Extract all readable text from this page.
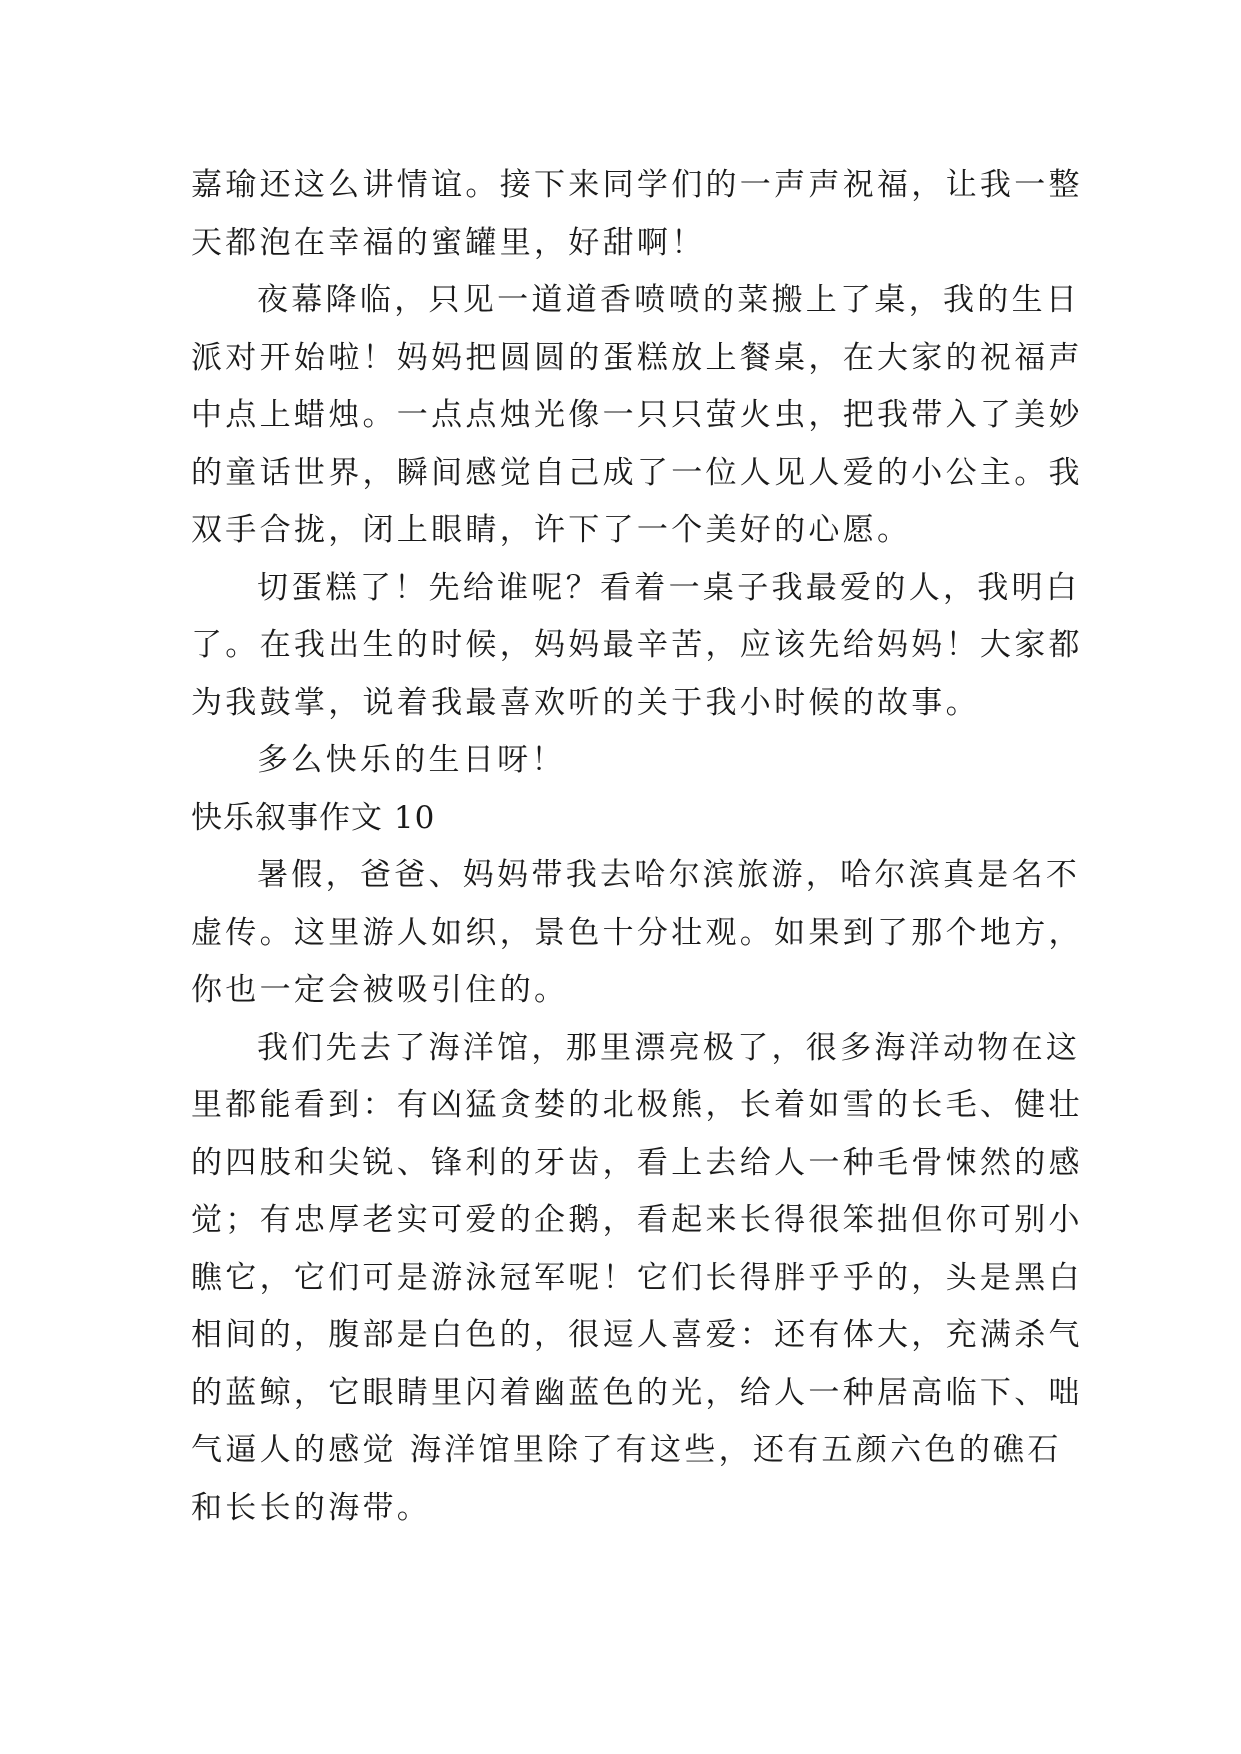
嘉瑜还这么讲情谊。接下来同学们的一声声祝福，让我一整
天都泡在幸福的蜜罐里，好甜啊！
夜幕降临，只见一道道香喷喷的菜搬上了桌，我的生日
派对开始啦！妈妈把圆圆的蛋糕放上餐桌，在大家的祝福声
中点上蜡烛。一点点烛光像一只只萤火虫，把我带入了美妙
的童话世界，瞬间感觉自己成了一位人见人爱的小公主。我
双手合拢，闭上眼睛，许下了一个美好的心愿。
切蛋糕了！先给谁呢？看着一桌子我最爱的人，我明白
了。在我出生的时候，妈妈最辛苦，应该先给妈妈！大家都
为我鼓掌，说着我最喜欢听的关于我小时候的故事。
多么快乐的生日呀！
快乐叙事作文 10
暑假，爸爸、妈妈带我去哈尔滨旅游，哈尔滨真是名不
虚传。这里游人如织，景色十分壮观。如果到了那个地方，
你也一定会被吸引住的。
我们先去了海洋馆，那里漂亮极了，很多海洋动物在这
里都能看到：有凶猛贪婪的北极熊，长着如雪的长毛、健壮
的四肢和尖锐、锋利的牙齿，看上去给人一种毛骨悚然的感
觉；有忠厚老实可爱的企鹅，看起来长得很笨拙但你可别小
瞧它，它们可是游泳冠军呢！它们长得胖乎乎的，头是黑白
相间的，腹部是白色的，很逗人喜爱：还有体大，充满杀气
的蓝鲸，它眼睛里闪着幽蓝色的光，给人一种居高临下、咄
气逼人的感觉 海洋馆里除了有这些，还有五颜六色的礁石
和长长的海带。
